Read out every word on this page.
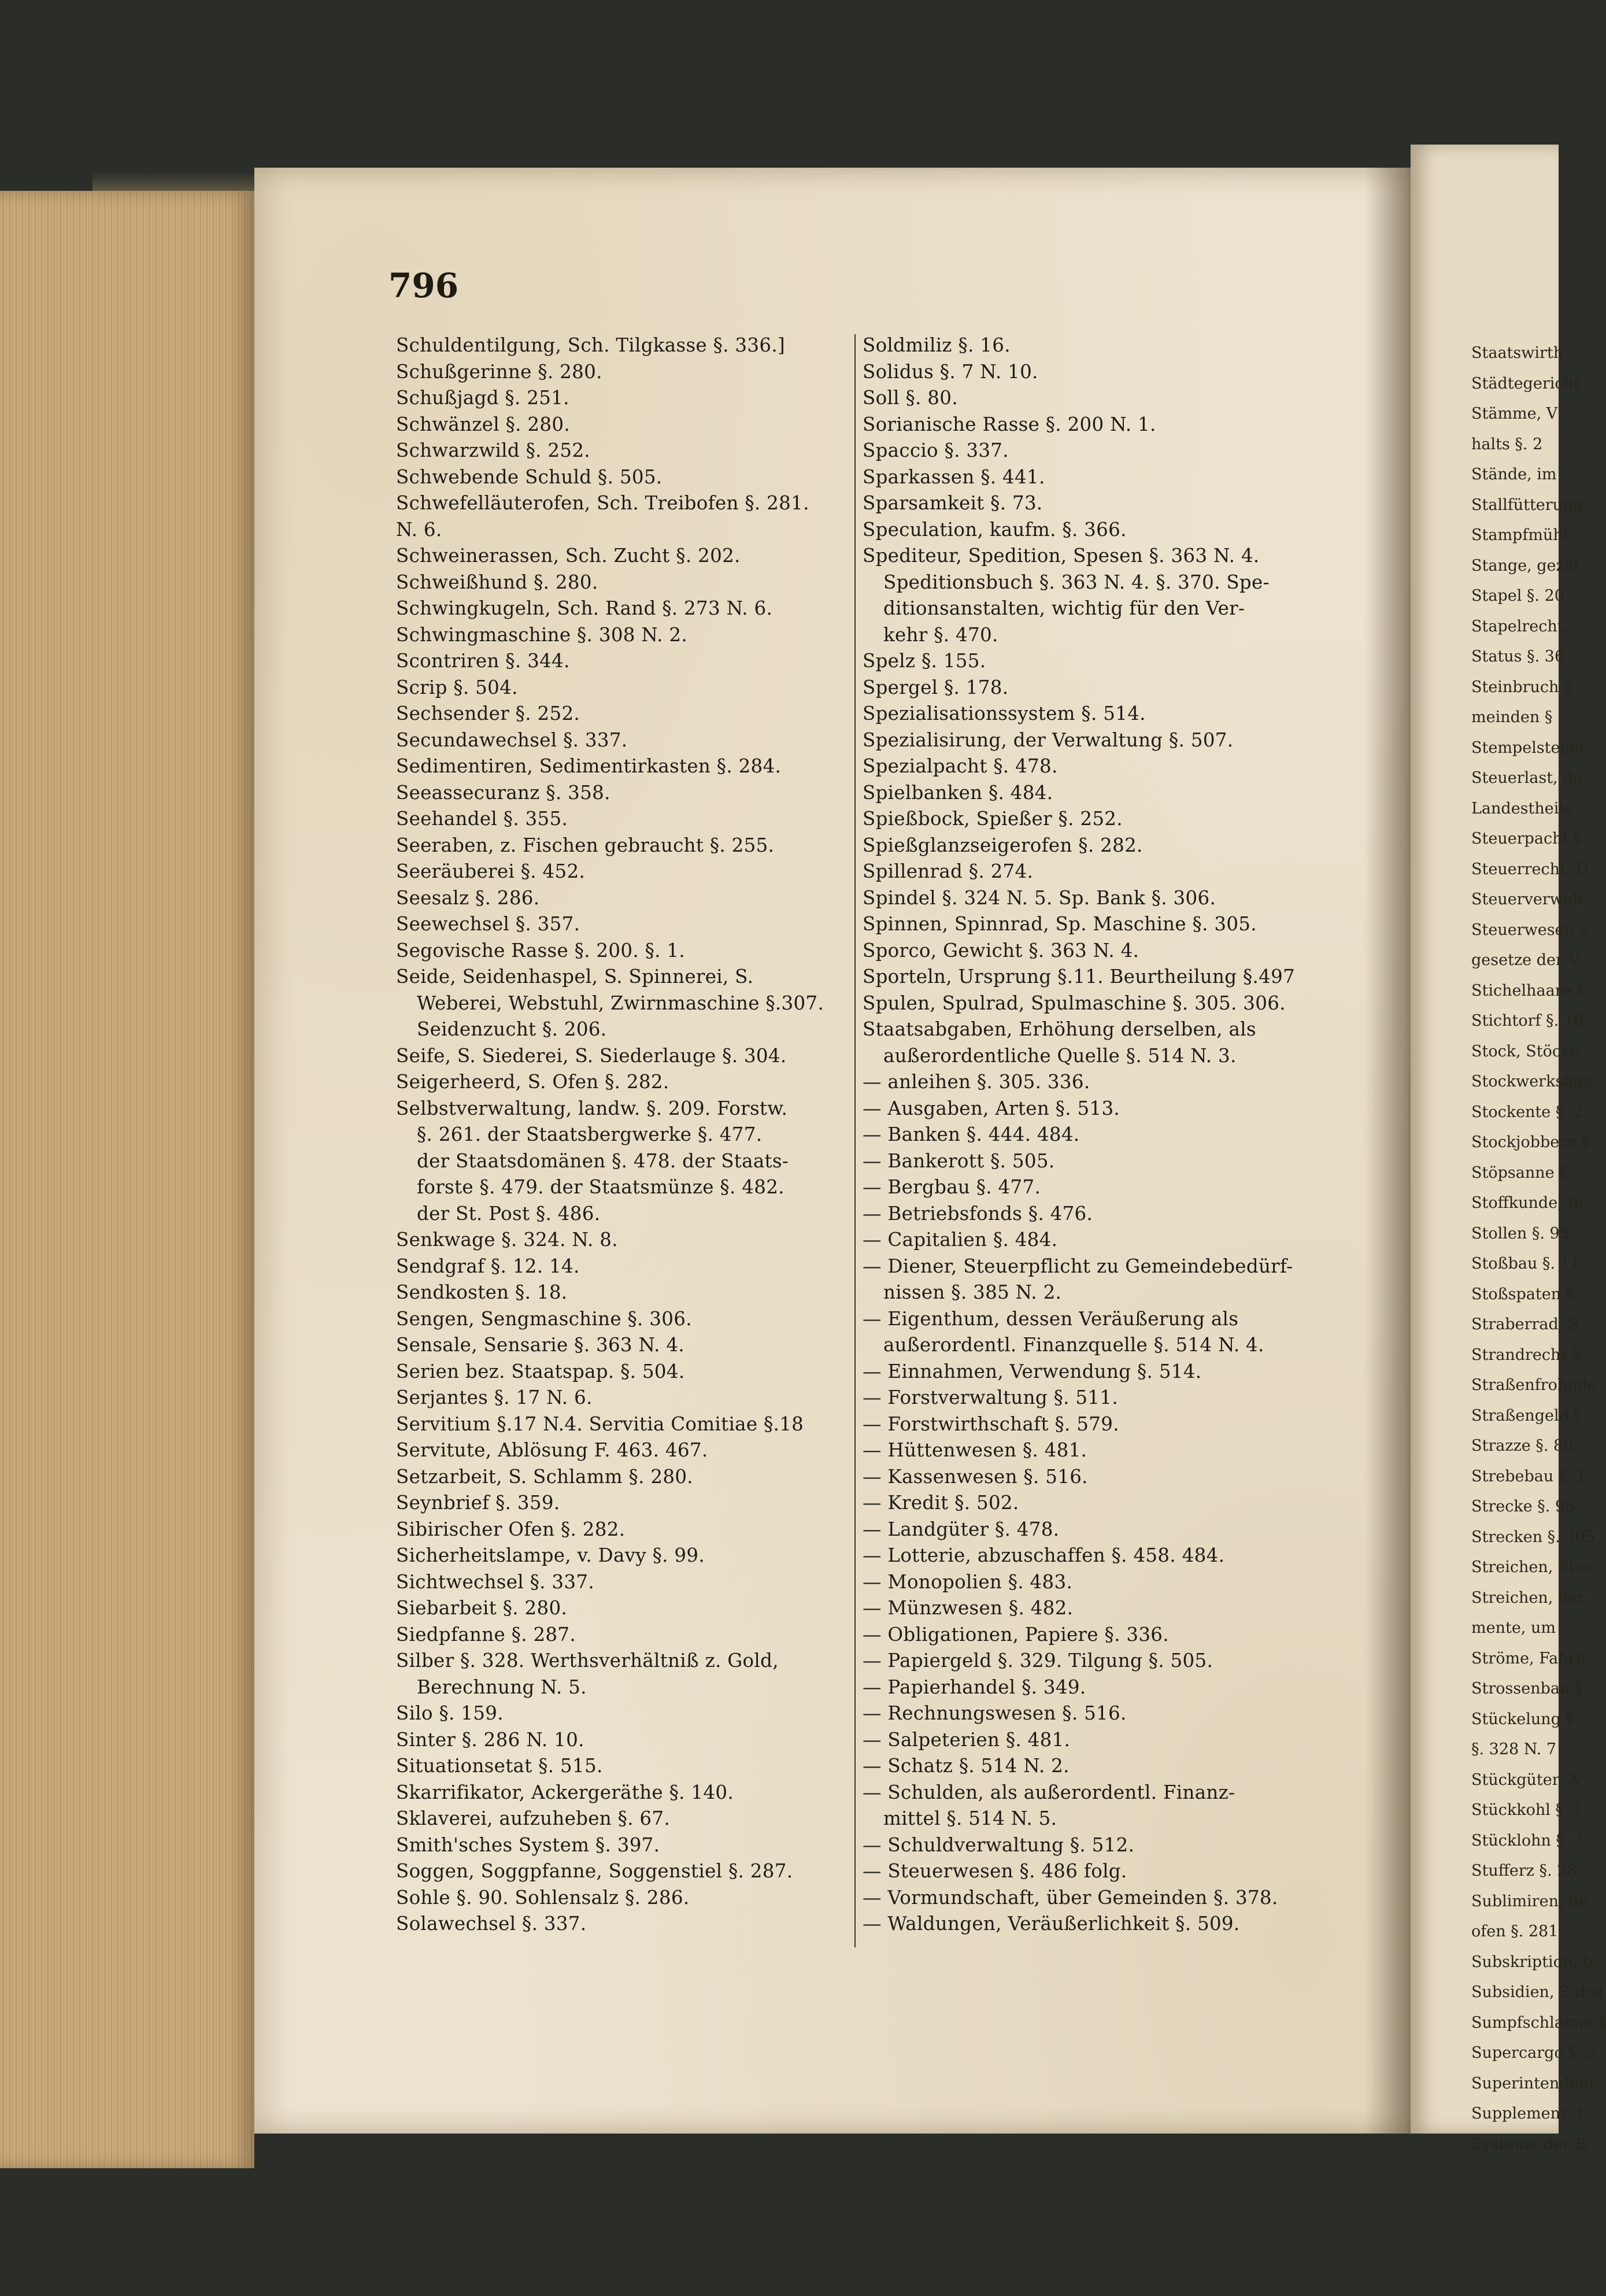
Staatswirth
Städtegericht
Stämme, V
halts §. 2
Stände, im
Stallfütterung
Stampfmühl
Stange, gezal
Stapel §. 20
Stapelrecht,
Status §. 36
Steinbruch §.
meinden §
Stempelsteuer
Steuerlast, de
Landestheile
Steuerpacht §
Steuerrecht, U
Steuerverwalt
Steuerwesen a
gesetze der V
Stichelhaare §
Stichtorf §. 10
Stock, Stöcke
Stockwerksbau
Stockente §. 2
Stockjobbern §
Stöpsanne §.
Stoffkunde, te
Stollen §. 95.
Stoßbau §. 11
Stoßspaten §.
Straberrad, S
Strandrecht §.
Straßenfrohnde
Straßengeld §
Strazze §. 80.
Strebebau §. 1
Strecke §. 95.
Strecken §. 305
Streichen, Stre
Streichen, der
mente, um
Ströme, Fahrb
Strossenbau §.
Stückelung §.
§. 328 N. 7
Stückgüter, A
Stückkohl §. 1
Stücklohn §. 3
Stufferz §. 28
Sublimiren, de
ofen §. 281
Subskription, b
Subsidien, Subsi
Sumpfschlamm §
Supercargo §. 3
Superintendent
Supplement, t
Systeme der B
796
Schuldentilgung, Sch. Tilgkasse §. 336.]
Schußgerinne §. 280.
Schußjagd §. 251.
Schwänzel §. 280.
Schwarzwild §. 252.
Schwebende Schuld §. 505.
Schwefelläuterofen, Sch. Treibofen §. 281.
N. 6.
Schweinerassen, Sch. Zucht §. 202.
Schweißhund §. 280.
Schwingkugeln, Sch. Rand §. 273 N. 6.
Schwingmaschine §. 308 N. 2.
Scontriren §. 344.
Scrip §. 504.
Sechsender §. 252.
Secundawechsel §. 337.
Sedimentiren, Sedimentirkasten §. 284.
Seeassecuranz §. 358.
Seehandel §. 355.
Seeraben, z. Fischen gebraucht §. 255.
Seeräuberei §. 452.
Seesalz §. 286.
Seewechsel §. 357.
Segovische Rasse §. 200. §. 1.
Seide, Seidenhaspel, S. Spinnerei, S.
Weberei, Webstuhl, Zwirnmaschine §.307.
Seidenzucht §. 206.
Seife, S. Siederei, S. Siederlauge §. 304.
Seigerheerd, S. Ofen §. 282.
Selbstverwaltung, landw. §. 209. Forstw.
§. 261. der Staatsbergwerke §. 477.
der Staatsdomänen §. 478. der Staats-
forste §. 479. der Staatsmünze §. 482.
der St. Post §. 486.
Senkwage §. 324. N. 8.
Sendgraf §. 12. 14.
Sendkosten §. 18.
Sengen, Sengmaschine §. 306.
Sensale, Sensarie §. 363 N. 4.
Serien bez. Staatspap. §. 504.
Serjantes §. 17 N. 6.
Servitium §.17 N.4. Servitia Comitiae §.18
Servitute, Ablösung F. 463. 467.
Setzarbeit, S. Schlamm §. 280.
Seynbrief §. 359.
Sibirischer Ofen §. 282.
Sicherheitslampe, v. Davy §. 99.
Sichtwechsel §. 337.
Siebarbeit §. 280.
Siedpfanne §. 287.
Silber §. 328. Werthsverhältniß z. Gold,
Berechnung N. 5.
Silo §. 159.
Sinter §. 286 N. 10.
Situationsetat §. 515.
Skarrifikator, Ackergeräthe §. 140.
Sklaverei, aufzuheben §. 67.
Smith'sches System §. 397.
Soggen, Soggpfanne, Soggenstiel §. 287.
Sohle §. 90. Sohlensalz §. 286.
Solawechsel §. 337.
Soldmiliz §. 16.
Solidus §. 7 N. 10.
Soll §. 80.
Sorianische Rasse §. 200 N. 1.
Spaccio §. 337.
Sparkassen §. 441.
Sparsamkeit §. 73.
Speculation, kaufm. §. 366.
Spediteur, Spedition, Spesen §. 363 N. 4.
Speditionsbuch §. 363 N. 4. §. 370. Spe-
ditionsanstalten, wichtig für den Ver-
kehr §. 470.
Spelz §. 155.
Spergel §. 178.
Spezialisationssystem §. 514.
Spezialisirung, der Verwaltung §. 507.
Spezialpacht §. 478.
Spielbanken §. 484.
Spießbock, Spießer §. 252.
Spießglanzseigerofen §. 282.
Spillenrad §. 274.
Spindel §. 324 N. 5. Sp. Bank §. 306.
Spinnen, Spinnrad, Sp. Maschine §. 305.
Sporco, Gewicht §. 363 N. 4.
Sporteln, Ursprung §.11. Beurtheilung §.497
Spulen, Spulrad, Spulmaschine §. 305. 306.
Staatsabgaben, Erhöhung derselben, als
außerordentliche Quelle §. 514 N. 3.
— anleihen §. 305. 336.
— Ausgaben, Arten §. 513.
— Banken §. 444. 484.
— Bankerott §. 505.
— Bergbau §. 477.
— Betriebsfonds §. 476.
— Capitalien §. 484.
— Diener, Steuerpflicht zu Gemeindebedürf-
nissen §. 385 N. 2.
— Eigenthum, dessen Veräußerung als
außerordentl. Finanzquelle §. 514 N. 4.
— Einnahmen, Verwendung §. 514.
— Forstverwaltung §. 511.
— Forstwirthschaft §. 579.
— Hüttenwesen §. 481.
— Kassenwesen §. 516.
— Kredit §. 502.
— Landgüter §. 478.
— Lotterie, abzuschaffen §. 458. 484.
— Monopolien §. 483.
— Münzwesen §. 482.
— Obligationen, Papiere §. 336.
— Papiergeld §. 329. Tilgung §. 505.
— Papierhandel §. 349.
— Rechnungswesen §. 516.
— Salpeterien §. 481.
— Schatz §. 514 N. 2.
— Schulden, als außerordentl. Finanz-
mittel §. 514 N. 5.
— Schuldverwaltung §. 512.
— Steuerwesen §. 486 folg.
— Vormundschaft, über Gemeinden §. 378.
— Waldungen, Veräußerlichkeit §. 509.
